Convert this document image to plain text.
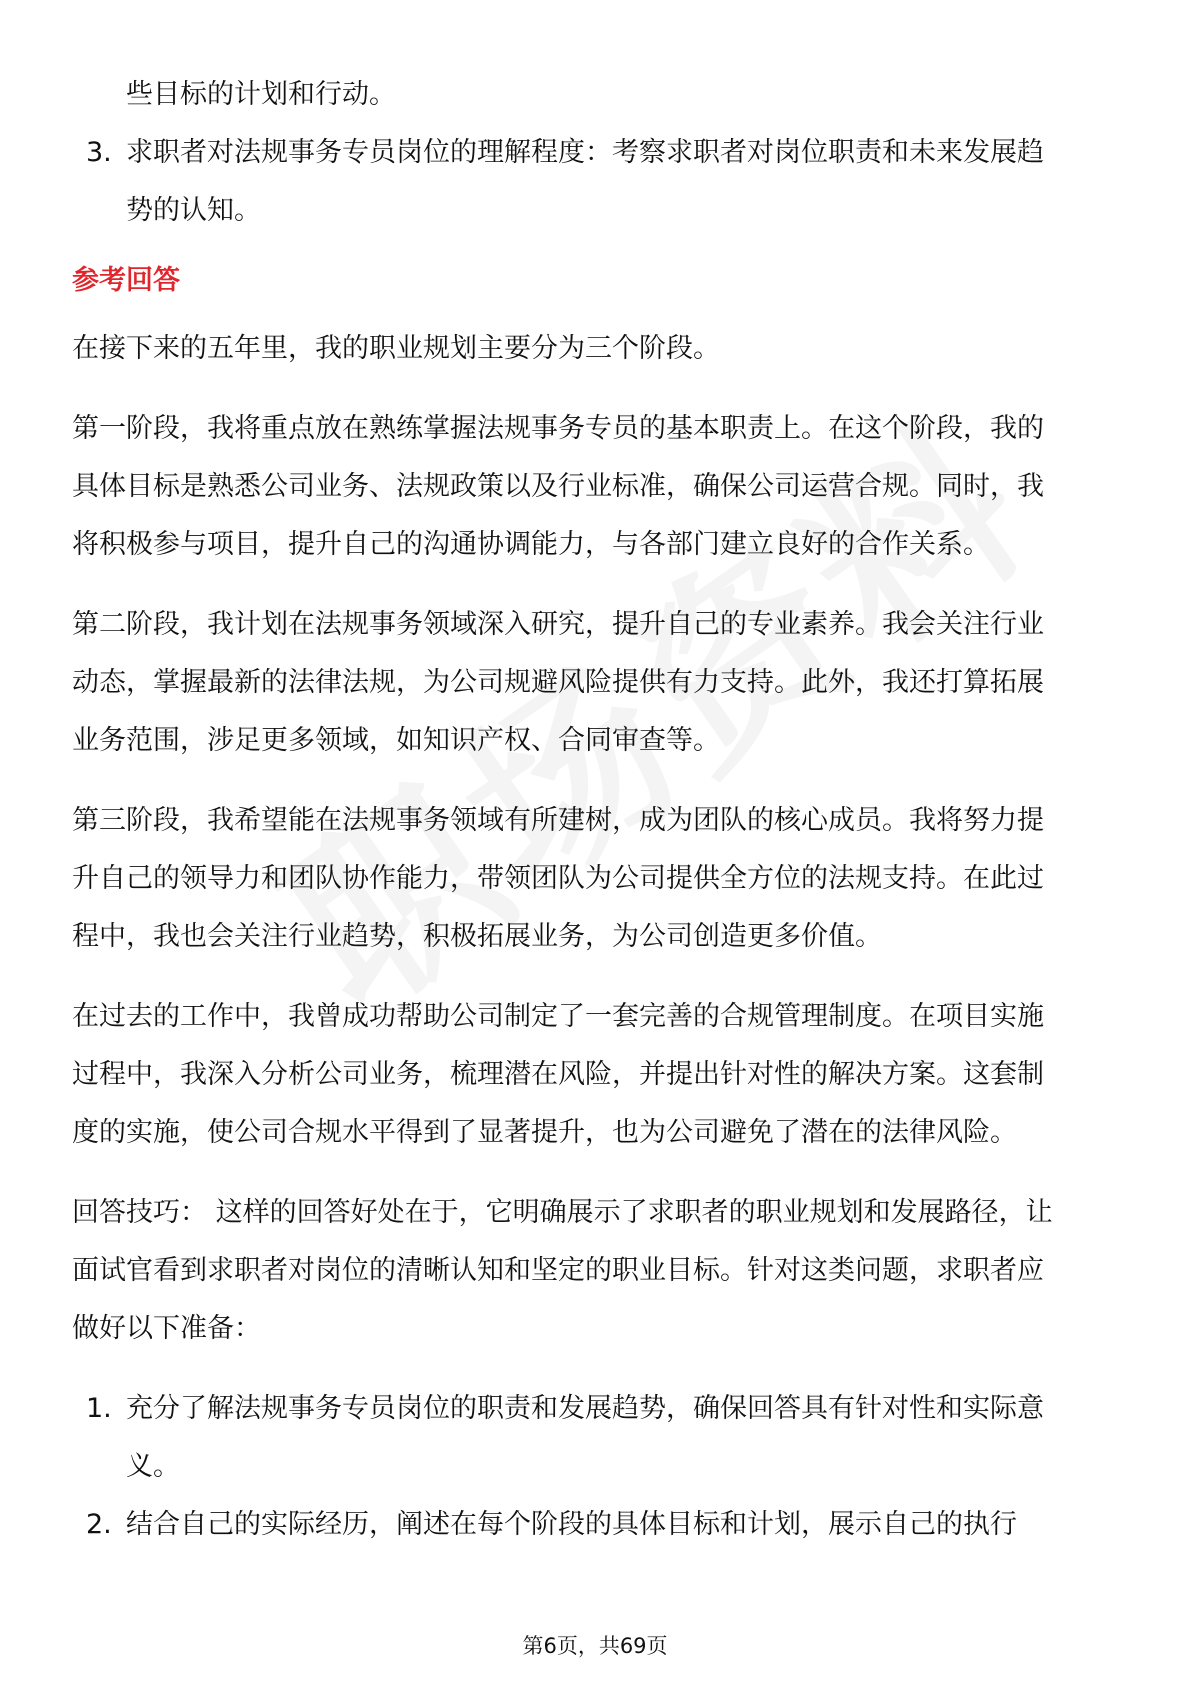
些目标的计划和行动。
3. 求职者对法规事务专员岗位的理解程度：考察求职者对岗位职责和未来发展趋
势的认知。
参考回答
在接下来的五年里，我的职业规划主要分为三个阶段。
第一阶段，我将重点放在熟练掌握法规事务专员的基本职责上。在这个阶段，我的
具体目标是熟悉公司业务、法规政策以及行业标准，确保公司运营合规。同时，我
将积极参与项目，提升自己的沟通协调能力，与各部门建立良好的合作关系。
第二阶段，我计划在法规事务领域深入研究，提升自己的专业素养。我会关注行业
动态，掌握最新的法律法规，为公司规避风险提供有力支持。此外，我还打算拓展
业务范围，涉足更多领域，如知识产权、合同审查等。
第三阶段，我希望能在法规事务领域有所建树，成为团队的核心成员。我将努力提
升自己的领导力和团队协作能力，带领团队为公司提供全方位的法规支持。在此过
程中，我也会关注行业趋势，积极拓展业务，为公司创造更多价值。
在过去的工作中，我曾成功帮助公司制定了一套完善的合规管理制度。在项目实施
过程中，我深入分析公司业务，梳理潜在风险，并提出针对性的解决方案。这套制
度的实施，使公司合规水平得到了显著提升，也为公司避免了潜在的法律风险。
回答技巧： 这样的回答好处在于，它明确展示了求职者的职业规划和发展路径，让
面试官看到求职者对岗位的清晰认知和坚定的职业目标。针对这类问题，求职者应
做好以下准备：
1. 充分了解法规事务专员岗位的职责和发展趋势，确保回答具有针对性和实际意
义。
2. 结合自己的实际经历，阐述在每个阶段的具体目标和计划，展示自己的执行
第6页，共69页
